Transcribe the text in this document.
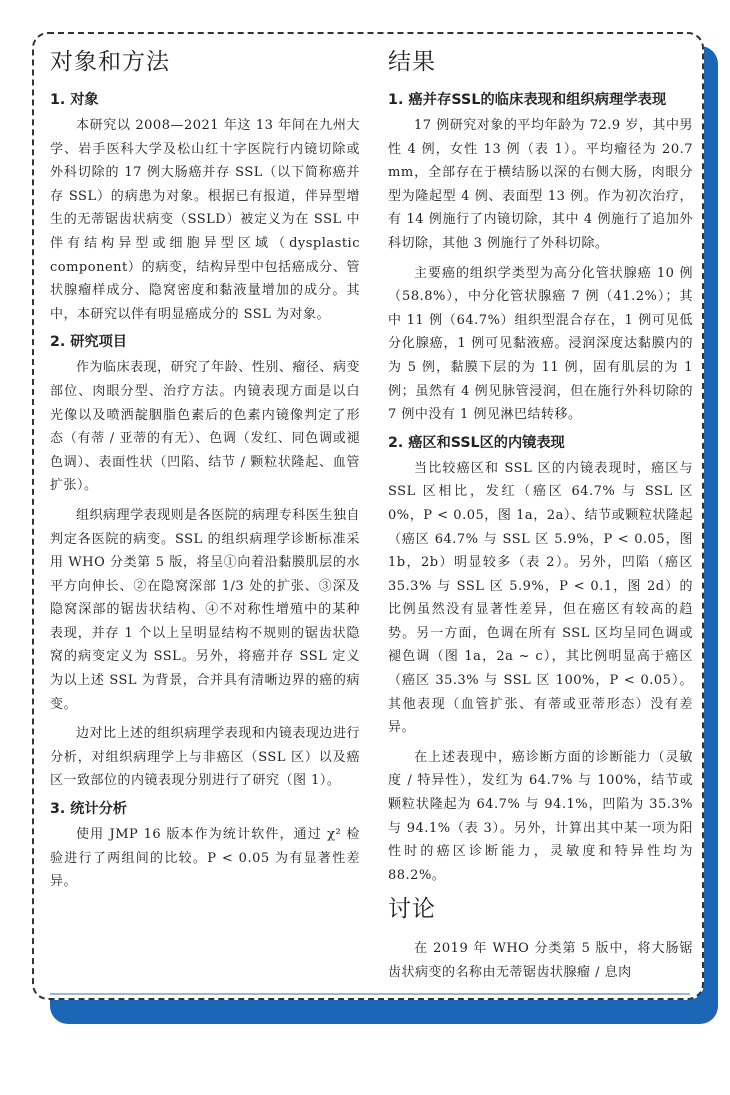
对象和方法
1. 对象

本研究以 2008—2021 年这 13 年间在九州大学、岩手医科大学及松山红十字医院行内镜切除或外科切除的 17 例大肠癌并存 SSL（以下简称癌并存 SSL）的病患为对象。根据已有报道，伴异型增生的无蒂锯齿状病变（SSLD）被定义为在 SSL 中伴有结构异型或细胞异型区域（dysplastic component）的病变，结构异型中包括癌成分、管状腺瘤样成分、隐窝密度和黏液量增加的成分。其中，本研究以伴有明显癌成分的 SSL 为对象。

2. 研究项目

作为临床表现，研究了年龄、性别、瘤径、病变部位、肉眼分型、治疗方法。内镜表现方面是以白光像以及喷洒靛胭脂色素后的色素内镜像判定了形态（有蒂 / 亚蒂的有无）、色调（发红、同色调或褪色调）、表面性状（凹陷、结节 / 颗粒状隆起、血管扩张）。

组织病理学表现则是各医院的病理专科医生独自判定各医院的病变。SSL 的组织病理学诊断标准采用 WHO 分类第 5 版，将呈①向着沿黏膜肌层的水平方向伸长、②在隐窝深部 1/3 处的扩张、③深及隐窝深部的锯齿状结构、④不对称性增殖中的某种表现，并存 1 个以上呈明显结构不规则的锯齿状隐窝的病变定义为 SSL。另外，将癌并存 SSL 定义为以上述 SSL 为背景，合并具有清晰边界的癌的病变。

边对比上述的组织病理学表现和内镜表现边进行分析，对组织病理学上与非癌区（SSL 区）以及癌区一致部位的内镜表现分别进行了研究（图 1）。

3. 统计分析

使用 JMP 16 版本作为统计软件，通过 χ² 检验进行了两组间的比较。P < 0.05 为有显著性差异。

结果
1. 癌并存SSL的临床表现和组织病理学表现

17 例研究对象的平均年龄为 72.9 岁，其中男性 4 例，女性 13 例（表 1）。平均瘤径为 20.7 mm，全部存在于横结肠以深的右侧大肠，肉眼分型为隆起型 4 例、表面型 13 例。作为初次治疗，有 14 例施行了内镜切除，其中 4 例施行了追加外科切除，其他 3 例施行了外科切除。

主要癌的组织学类型为高分化管状腺癌 10 例（58.8%），中分化管状腺癌 7 例（41.2%）；其中 11 例（64.7%）组织型混合存在，1 例可见低分化腺癌，1 例可见黏液癌。浸润深度达黏膜内的为 5 例，黏膜下层的为 11 例，固有肌层的为 1 例；虽然有 4 例见脉管浸润，但在施行外科切除的 7 例中没有 1 例见淋巴结转移。

2. 癌区和SSL区的内镜表现

当比较癌区和 SSL 区的内镜表现时，癌区与 SSL 区相比，发红（癌区 64.7% 与 SSL 区 0%，P < 0.05，图 1a，2a）、结节或颗粒状隆起（癌区 64.7% 与 SSL 区 5.9%，P < 0.05，图 1b，2b）明显较多（表 2）。另外，凹陷（癌区 35.3% 与 SSL 区 5.9%，P < 0.1，图 2d）的比例虽然没有显著性差异，但在癌区有较高的趋势。另一方面，色调在所有 SSL 区均呈同色调或褪色调（图 1a，2a ~ c），其比例明显高于癌区（癌区 35.3% 与 SSL 区 100%，P < 0.05）。其他表现（血管扩张、有蒂或亚蒂形态）没有差异。

在上述表现中，癌诊断方面的诊断能力（灵敏度 / 特异性），发红为 64.7% 与 100%，结节或颗粒状隆起为 64.7% 与 94.1%，凹陷为 35.3% 与 94.1%（表 3）。另外，计算出其中某一项为阳性时的癌区诊断能力，灵敏度和特异性均为 88.2%。

讨论

在 2019 年 WHO 分类第 5 版中，将大肠锯齿状病变的名称由无蒂锯齿状腺瘤 / 息肉
